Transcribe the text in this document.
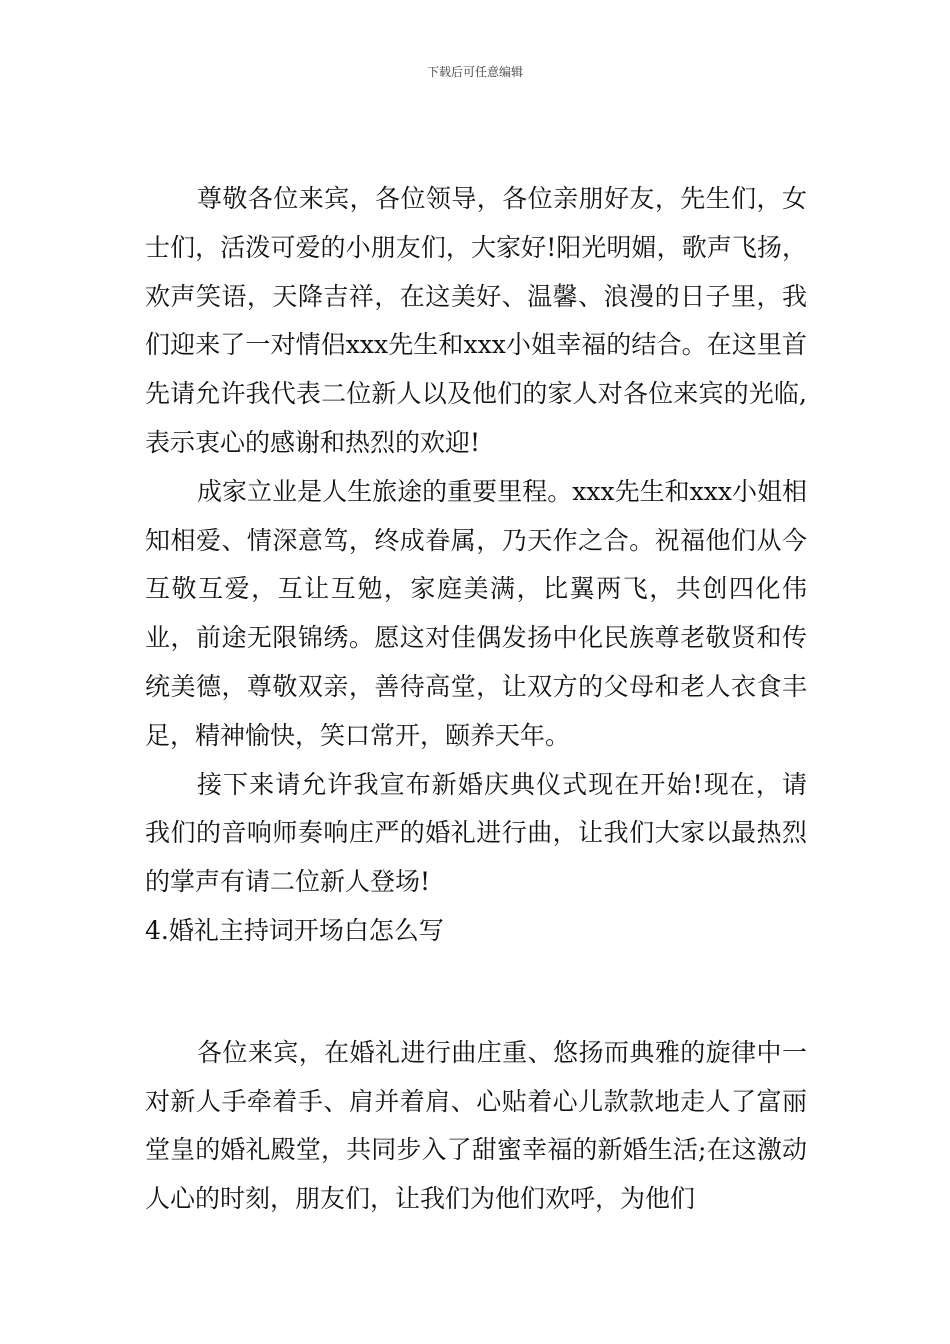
下载后可任意编辑

尊敬各位来宾，各位领导，各位亲朋好友，先生们，女士们，活泼可爱的小朋友们，大家好!阳光明媚，歌声飞扬，欢声笑语，天降吉祥，在这美好、温馨、浪漫的日子里，我们迎来了一对情侣xxx先生和xxx小姐幸福的结合。在这里首先请允许我代表二位新人以及他们的家人对各位来宾的光临,表示衷心的感谢和热烈的欢迎!

成家立业是人生旅途的重要里程。xxx先生和xxx小姐相知相爱、情深意笃，终成眷属，乃天作之合。祝福他们从今互敬互爱，互让互勉，家庭美满，比翼两飞，共创四化伟业，前途无限锦绣。愿这对佳偶发扬中化民族尊老敬贤和传统美德，尊敬双亲，善待高堂，让双方的父母和老人衣食丰足，精神愉快，笑口常开，颐养天年。

接下来请允许我宣布新婚庆典仪式现在开始!现在，请我们的音响师奏响庄严的婚礼进行曲，让我们大家以最热烈的掌声有请二位新人登场!

4.婚礼主持词开场白怎么写

各位来宾，在婚礼进行曲庄重、悠扬而典雅的旋律中一对新人手牵着手、肩并着肩、心贴着心儿款款地走人了富丽堂皇的婚礼殿堂，共同步入了甜蜜幸福的新婚生活;在这激动人心的时刻，朋友们，让我们为他们欢呼，为他们
